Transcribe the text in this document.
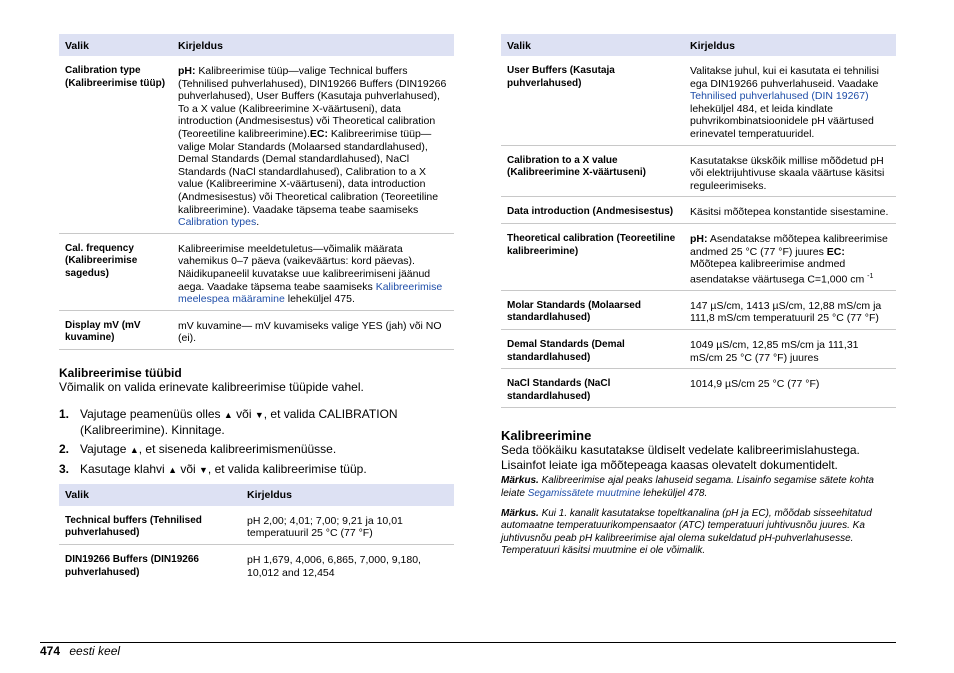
Valik	Kirjeldus
Calibration type (Kalibreerimise tüüp)	pH: Kalibreerimise tüüp—valige Technical buffers (Tehnilised puhverlahused), DIN19266 Buffers (DIN19266 puhverlahused), User Buffers (Kasutaja puhverlahused), To a X value (Kalibreerimine X-väärtuseni), data introduction (Andmesisestus) või Theoretical calibration (Teoreetiline kalibreerimine).EC: Kalibreerimise tüüp—valige Molar Standards (Molaarsed standardlahused), Demal Standards (Demal standardlahused), NaCl Standards (NaCl standardlahused), Calibration to a X value (Kalibreerimine X-väärtuseni), data introduction (Andmesisestus) või Theoretical calibration (Teoreetiline kalibreerimine). Vaadake täpsema teabe saamiseks Calibration types.
Cal. frequency (Kalibreerimise sagedus)	Kalibreerimise meeldetuletus—võimalik määrata vahemikus 0–7 päeva (vaikeväärtus: kord päevas). Näidikupaneelil kuvatakse uue kalibreerimiseni jäänud aega. Vaadake täpsema teabe saamiseks Kalibreerimise meelespea määramine leheküljel 475.
Display mV (mV kuvamine)	mV kuvamine— mV kuvamiseks valige YES (jah) või NO (ei).
Kalibreerimise tüübid
Võimalik on valida erinevate kalibreerimise tüüpide vahel.
1. Vajutage peamenüüs olles ▲ või ▼, et valida CALIBRATION (Kalibreerimine). Kinnitage.
2. Vajutage ▲, et siseneda kalibreerimismenüüsse.
3. Kasutage klahvi ▲ või ▼, et valida kalibreerimise tüüp.
Valik	Kirjeldus
Technical buffers (Tehnilised puhverlahused)	pH 2,00; 4,01; 7,00; 9,21 ja 10,01 temperatuuril 25 °C (77 °F)
DIN19266 Buffers (DIN19266 puhverlahused)	pH 1,679, 4,006, 6,865, 7,000, 9,180, 10,012 and 12,454
Valik	Kirjeldus
User Buffers (Kasutaja puhverlahused)	Valitakse juhul, kui ei kasutata ei tehnilisi ega DIN19266 puhverlahuseid. Vaadake Tehnilised puhverlahused (DIN 19267) leheküljel 484, et leida kindlate puhvrikombinatsioonidele pH väärtused erinevatel temperatuuridel.
Calibration to a X value (Kalibreerimine X-väärtuseni)	Kasutatakse ükskõik millise mõõdetud pH või elektrijuhtivuse skaala väärtuse käsitsi reguleerimiseks.
Data introduction (Andmesisestus)	Käsitsi mõõtepea konstantide sisestamine.
Theoretical calibration (Teoreetiline kalibreerimine)	pH: Asendatakse mõõtepea kalibreerimise andmed 25 °C (77 °F) juures EC: Mõõtepea kalibreerimise andmed asendatakse väärtusega C=1,000 cm $^{-1}$
Molar Standards (Molaarsed standardlahused)	147 µS/cm, 1413 µS/cm, 12,88 mS/cm ja 111,8 mS/cm temperatuuril 25 °C (77 °F)
Demal Standards (Demal standardlahused)	1049 µS/cm, 12,85 mS/cm ja 111,31 mS/cm 25 °C (77 °F) juures
NaCl Standards (NaCl standardlahused)	1014,9 µS/cm 25 °C (77 °F)
Kalibreerimine
Seda töökäiku kasutatakse üldiselt vedelate kalibreerimislahustega. Lisainfot leiate iga mõõtepeaga kaasas olevatelt dokumentidelt.
Märkus. Kalibreerimise ajal peaks lahuseid segama. Lisainfo segamise sätete kohta leiate Segamissätete muutmine leheküljel 478.
Märkus. Kui 1. kanalit kasutatakse topeltkanalina (pH ja EC), mõõdab sisseehitatud automaatne temperatuurikompensaator (ATC) temperatuuri juhtivusnõu juures. Ka juhtivusnõu peab pH kalibreerimise ajal olema sukeldatud pH-puhverlahusesse. Temperatuuri käsitsi muutmine ei ole võimalik.
474 eesti keel
